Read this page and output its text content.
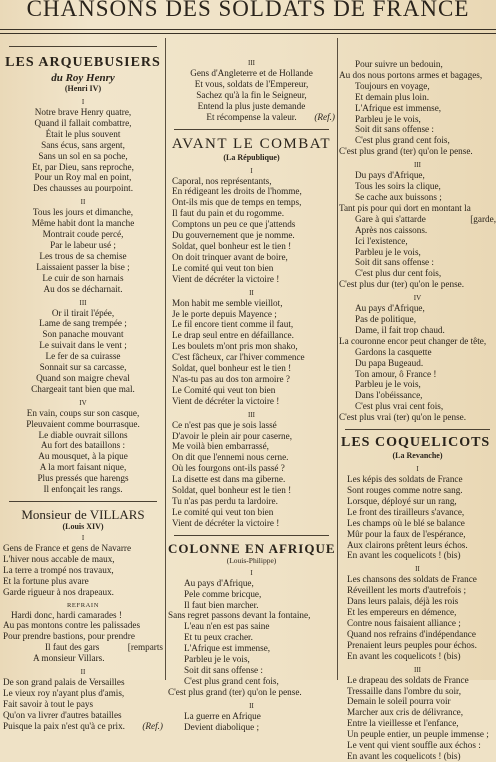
CHANSONS DES SOLDATS DE FRANCE

LES ARQUEBUSIERS

du Roy Henry

(Henri IV)

I

Notre brave Henry quatre,

Quand il fallait combattre,

Était le plus souvent

Sans écus, sans argent,

Sans un sol en sa poche,

Et, par Dieu, sans reproche,

Pour un Roy mal en point,

Des chausses au pourpoint.

II

Tous les jours et dimanche,

Même habit dont la manche

Montrait coude percé,

Par le labeur usé ;

Les trous de sa chemise

Laissaient passer la bise ;

Le cuir de son harnais

Au dos se décharnait.

III

Or il tirait l'épée,

Lame de sang trempée ;

Son panache mouvant

Le suivait dans le vent ;

Le fer de sa cuirasse

Sonnait sur sa carcasse,

Quand son maigre cheval

Chargeait tant bien que mal.

IV

En vain, coups sur son casque,

Pleuvaient comme bourrasque.

Le diable ouvrait sillons

Au fort des bataillons :

Au mousquet, à la pique

A la mort faisant nique,

Plus pressés que harengs

Il enfonçait les rangs.

Monsieur de VILLARS

(Louis XIV)

I

Gens de France et gens de Navarre

L'hiver nous accable de maux,

La terre a trompé nos travaux,

Et la fortune plus avare

Garde rigueur à nos drapeaux.

REFRAIN

Hardi donc, hardi camarades !

Au pas montons contre les palissades

Pour prendre bastions, pour prendre

Il faut des gars	[remparts

A monsieur Villars.

II

De son grand palais de Versailles

Le vieux roy n'ayant plus d'amis,

Fait savoir à tout le pays

Qu'on va livrer d'autres batailles

Puisque la paix n'est qu'à ce prix. (Ref.)

III

Gens d'Angleterre et de Hollande

Et vous, soldats de l'Empereur,

Sachez qu'à la fin le Seigneur,

Entend la plus juste demande

Et récompense la valeur. (Ref.)

AVANT LE COMBAT

(La République)

I

Caporal, nos représentants,

En rédigeant les droits de l'homme,

Ont-ils mis que de temps en temps,

Il faut du pain et du rogomme.

Comptons un peu ce que j'attends

Du gouvernement que je nomme.

Soldat, quel bonheur est le tien !

On doit trinquer avant de boire,

Le comité qui veut ton bien

Vient de décréter la victoire !

II

Mon habit me semble vieillot,

Je le porte depuis Mayence ;

Le fil encore tient comme il faut,

Le drap seul entre en défaillance.

Les boulets m'ont pris mon shako,

C'est fâcheux, car l'hiver commence

Soldat, quel bonheur est le tien !

N'as-tu pas au dos ton armoire ?

Le Comité qui veut ton bien

Vient de décréter la victoire !

III

Ce n'est pas que je sois lassé

D'avoir le plein air pour caserne,

Me voilà bien embarrassé,

On dit que l'ennemi nous cerne.

Où les fourgons ont-ils passé ?

La disette est dans ma giberne.

Soldat, quel bonheur est le tien !

Tu n'as pas perdu ta lardoire.

Le comité qui veut ton bien

Vient de décréter la victoire !

COLONNE EN AFRIQUE

(Louis-Philippe)

I

Au pays d'Afrique,

Pele comme bricque,

Il faut bien marcher.

Sans regret passons devant la fontaine,

L'eau n'en est pas saine

Et tu peux cracher.

L'Afrique est immense,

Parbleu je le vois,

Soit dit sans offense :

C'est plus grand cent fois,

C'est plus grand (ter) qu'on le pense.

II

La guerre en Afrique

Devient diabolique ;

Pour suivre un bedouin,

Au dos nous portons armes et bagages,

Toujours en voyage,

Et demain plus loin.

L'Afrique est immense,

Parbleu je le vois,

Soit dit sans offense :

C'est plus grand cent fois,

C'est plus grand (ter) qu'on le pense.

III

Du pays d'Afrique,

Tous les soirs la clique,

Se cache aux buissons ;

Tant pis pour qui dort en montant la

Gare à qui s'attarde	[garde,

Après nos caissons.

Ici l'existence,

Parbleu je le vois,

Soit dit sans offense :

C'est plus dur cent fois,

C'est plus dur (ter) qu'on le pense.

IV

Au pays d'Afrique,

Pas de politique,

Dame, il fait trop chaud.

La couronne encor peut changer de tête,

Gardons la casquette

Du papa Bugeaud.

Ton amour, ô France !

Parbleu je le vois,

Dans l'obéissance,

C'est plus vrai cent fois,

C'est plus vrai (ter) qu'on le pense.

LES COQUELICOTS

(La Revanche)

I

Les képis des soldats de France

Sont rouges comme notre sang.

Lorsque, déployé sur un rang,

Le front des tirailleurs s'avance,

Les champs où le blé se balance

Mûr pour la faux de l'espérance,

Aux clairons prêtent leurs échos.

En avant les coquelicots ! (bis)

II

Les chansons des soldats de France

Réveillent les morts d'autrefois ;

Dans leurs palais, déjà les rois

Et les empereurs en démence,

Contre nous faisaient alliance ;

Quand nos refrains d'indépendance

Prenaient leurs peuples pour échos.

En avant les coquelicots ! (bis)

III

Le drapeau des soldats de France

Tressaille dans l'ombre du soir,

Demain le soleil pourra voir

Marcher aux cris de délivrance,

Entre la vieillesse et l'enfance,

Un peuple entier, un peuple immense ;

Le vent qui vient souffle aux échos :

En avant les coquelicots ! (bis)
